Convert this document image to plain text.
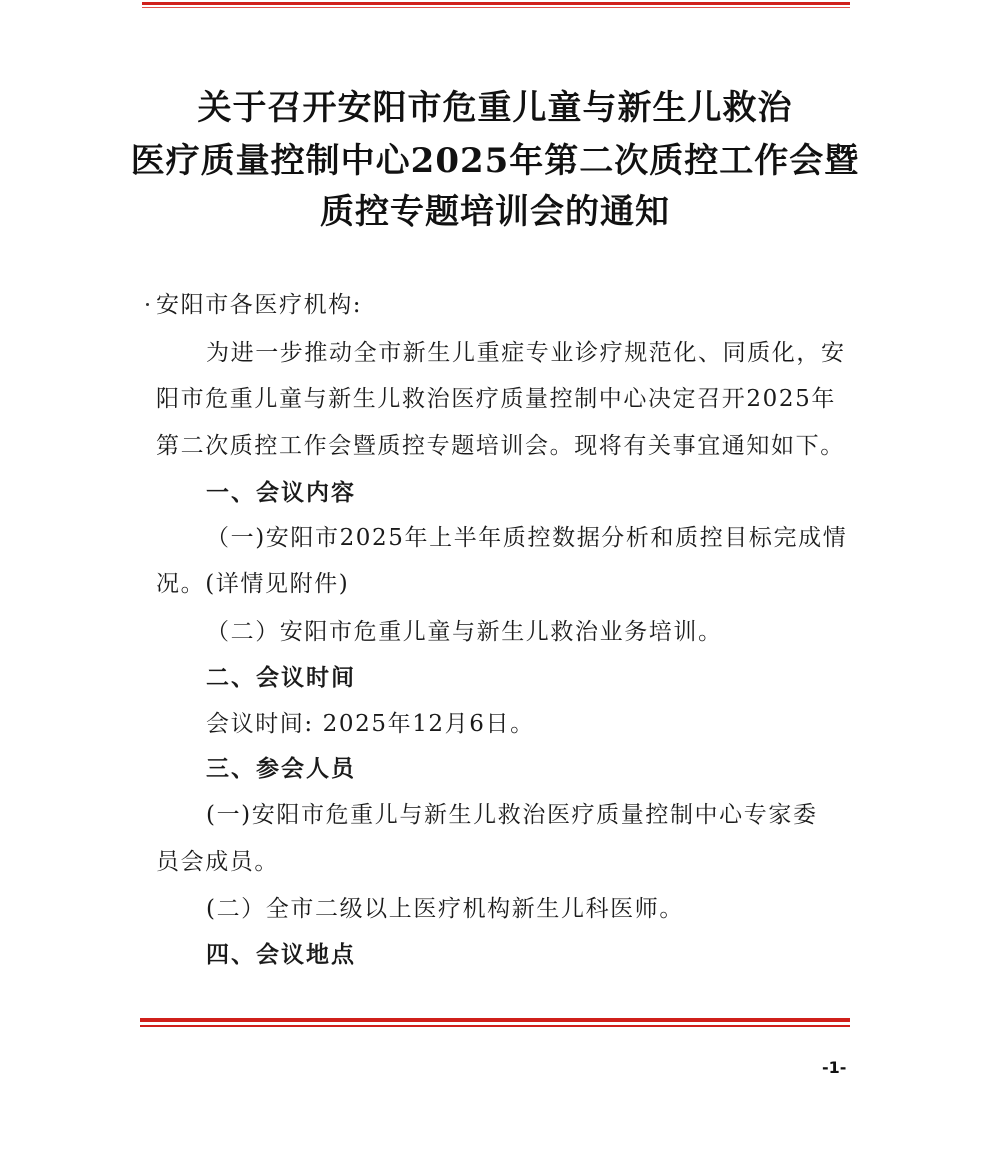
关于召开安阳市危重儿童与新生儿救治
医疗质量控制中心2025年第二次质控工作会暨
质控专题培训会的通知
安阳市各医疗机构:
为进一步推动全市新生儿重症专业诊疗规范化、同质化，安
阳市危重儿童与新生儿救治医疗质量控制中心决定召开2025年
第二次质控工作会暨质控专题培训会。现将有关事宜通知如下。
一、会议内容
（一)安阳市2025年上半年质控数据分析和质控目标完成情
况。(详情见附件)
（二）安阳市危重儿童与新生儿救治业务培训。
二、会议时间
会议时间: 2025年12月6日。
三、参会人员
(一)安阳市危重儿与新生儿救治医疗质量控制中心专家委
员会成员。
(二）全市二级以上医疗机构新生儿科医师。
四、会议地点
-1-
